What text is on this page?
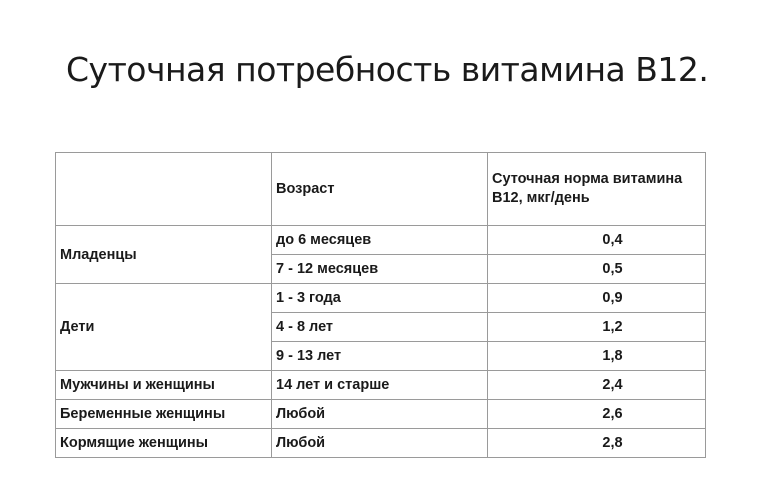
Суточная потребность витамина В12.
	Возраст	Суточная норма витамина В12, мкг/день
Младенцы	до 6 месяцев	0,4
	7 - 12 месяцев	0,5
Дети	1 - 3 года	0,9
	4 - 8 лет	1,2
	9 - 13 лет	1,8
Мужчины и женщины	14 лет и старше	2,4
Беременные женщины	Любой	2,6
Кормящие женщины	Любой	2,8
